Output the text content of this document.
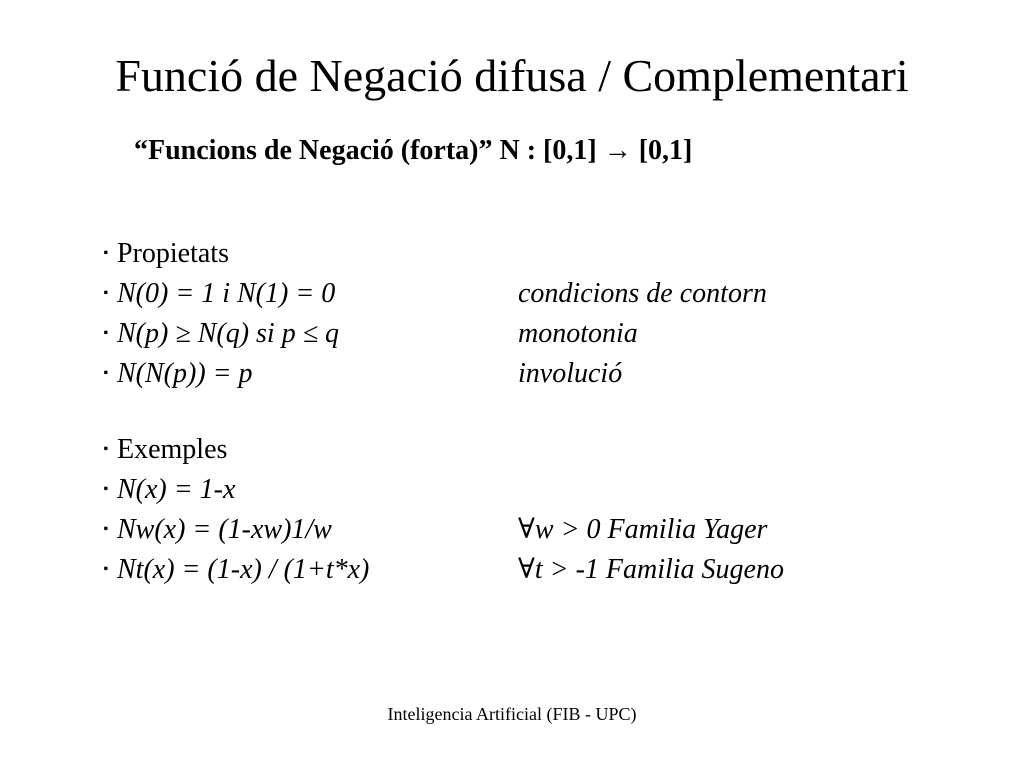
Funció de Negació difusa / Complementari
“Funcions de Negació (forta)” N : [0,1] → [0,1]
• Propietats
• N(0) = 1 i N(1) = 0	condicions de contorn
• N(p) ≥ N(q) si p ≤ q	monotonia
• N(N(p)) = p	involució
• Exemples
• N(x) = 1-x
• Nw(x) = (1-xw)1/w	∀w > 0 Familia Yager
• Nt(x) = (1-x) / (1+t*x)	∀t > -1 Familia Sugeno
Inteligencia Artificial (FIB - UPC)
